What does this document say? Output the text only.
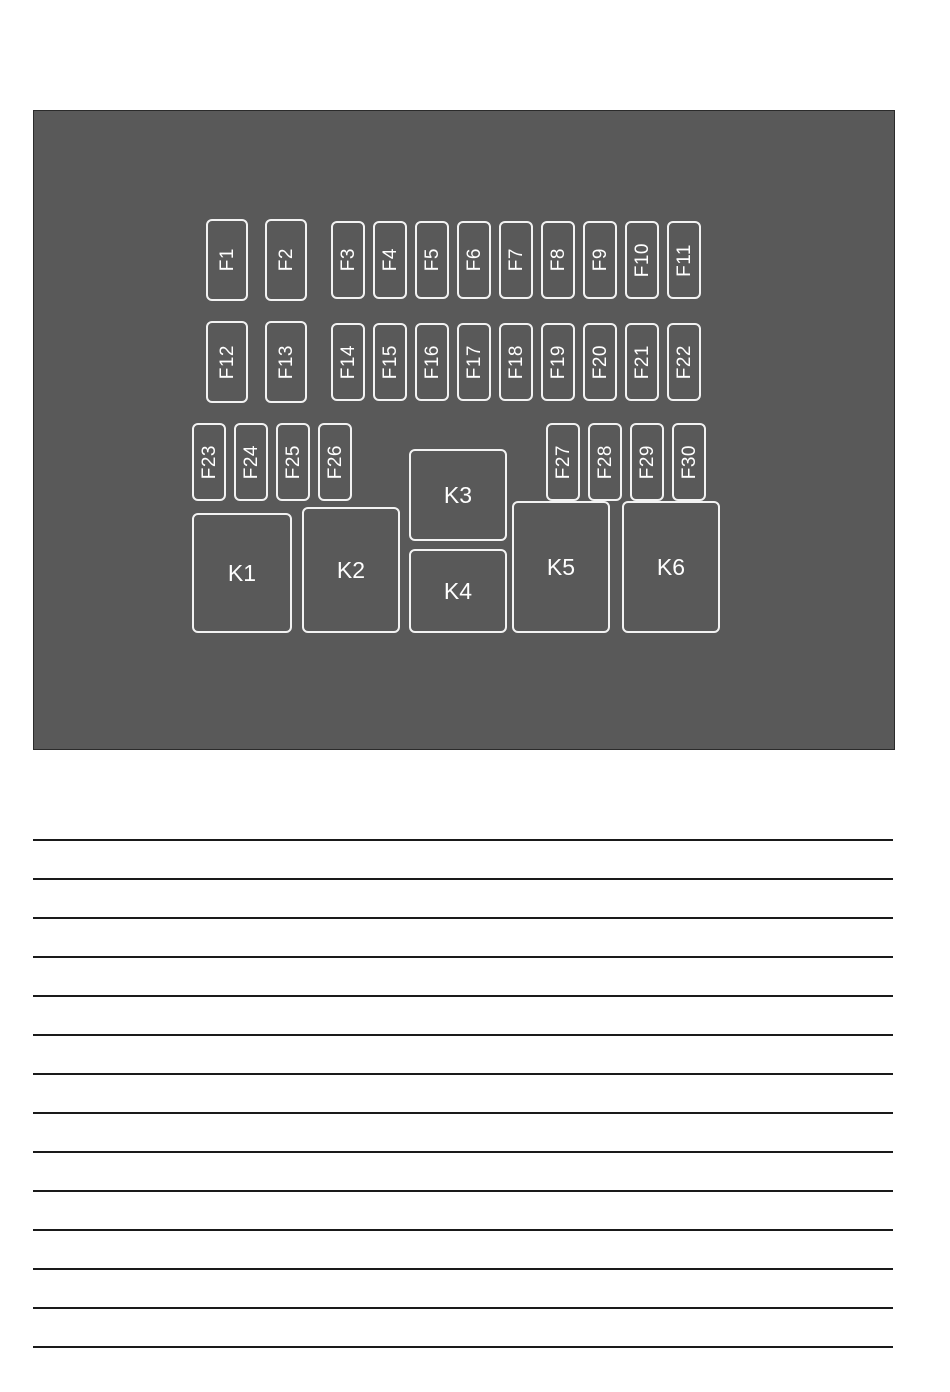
F1 F2 F3 F4 F5 F6 F7 F8 F9 F10 F11
F12 F13 F14 F15 F16 F17 F18 F19 F20 F21 F22
F23 F24 F25 F26	F27 F28 F29 F30
K1	K2
K3
K4
K5	K6
